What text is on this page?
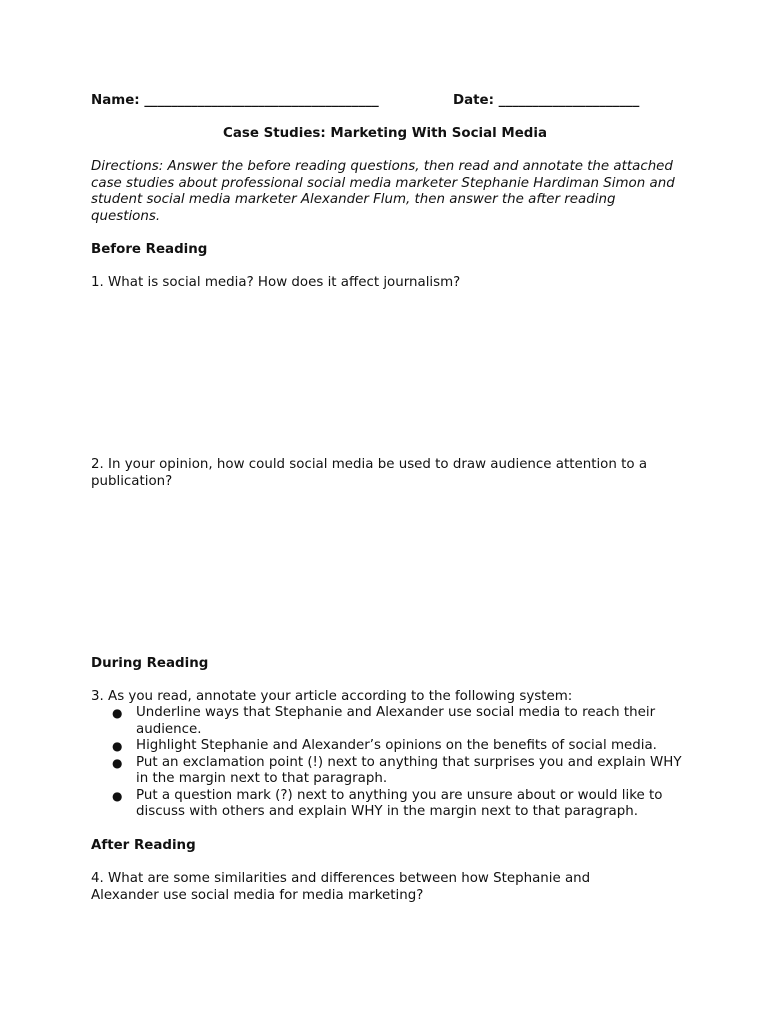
Name: ___________________________________	Date: _____________________
Case Studies: Marketing With Social Media
Directions: Answer the before reading questions, then read and annotate the attached case studies about professional social media marketer Stephanie Hardiman Simon and student social media marketer Alexander Flum, then answer the after reading questions.
Before Reading
1. What is social media? How does it affect journalism?
2. In your opinion, how could social media be used to draw audience attention to a publication?
During Reading
3. As you read, annotate your article according to the following system:
● Underline ways that Stephanie and Alexander use social media to reach their audience.
● Highlight Stephanie and Alexander’s opinions on the benefits of social media.
● Put an exclamation point (!) next to anything that surprises you and explain WHY in the margin next to that paragraph.
● Put a question mark (?) next to anything you are unsure about or would like to discuss with others and explain WHY in the margin next to that paragraph.
After Reading
4. What are some similarities and differences between how Stephanie and Alexander use social media for media marketing?
